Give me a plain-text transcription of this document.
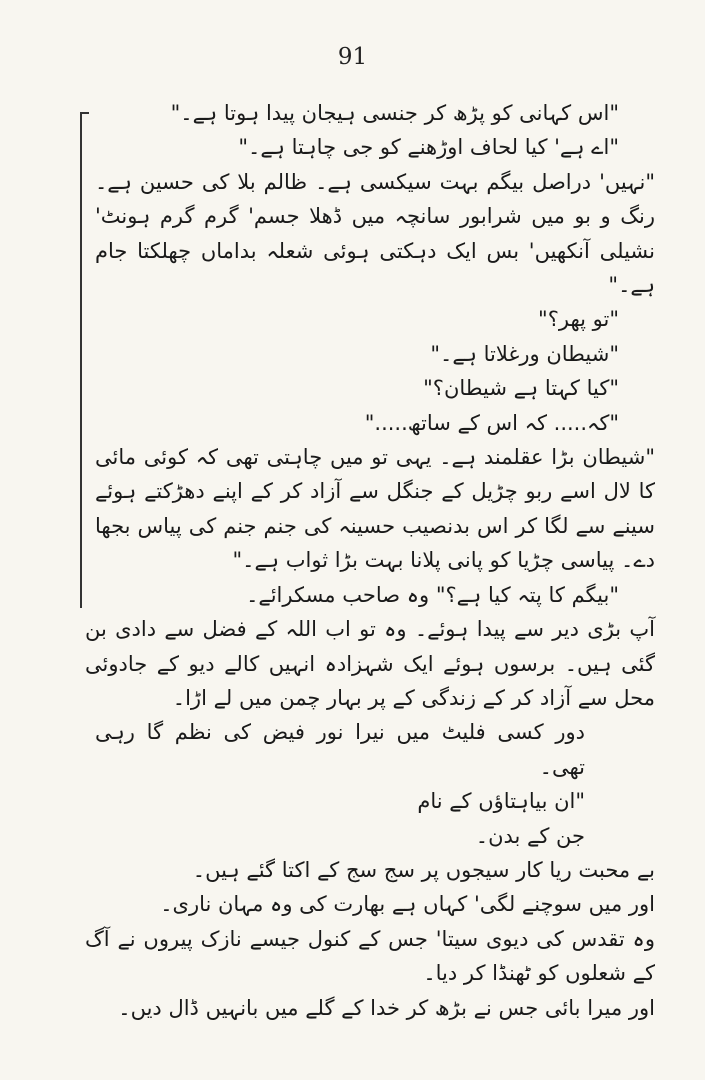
91

"اس کہانی کو پڑھ کر جنسی ہیجان پیدا ہوتا ہے۔"

"اے ہے' کیا لحاف اوڑھنے کو جی چاہتا ہے۔"

"نہیں' دراصل بیگم بہت سیکسی ہے۔ ظالم بلا کی حسین ہے۔ رنگ و بو میں شرابور سانچہ میں ڈھلا جسم' گرم گرم ہونٹ' نشیلی آنکھیں' بس ایک دہکتی ہوئی شعلہ بداماں چھلکتا جام ہے۔"

"تو پھر؟"

"شیطان ورغلاتا ہے۔"

"کیا کہتا ہے شیطان؟"

"کہ..... کہ اس کے ساتھ....."

"شیطان بڑا عقلمند ہے۔ یہی تو میں چاہتی تھی کہ کوئی مائی کا لال اسے ربو چڑیل کے جنگل سے آزاد کر کے اپنے دھڑکتے ہوئے سینے سے لگا کر اس بدنصیب حسینہ کی جنم جنم کی پیاس بجھا دے۔ پیاسی چڑیا کو پانی پلانا بہت بڑا ثواب ہے۔"

"بیگم کا پتہ کیا ہے؟" وہ صاحب مسکرائے۔

آپ بڑی دیر سے پیدا ہوئے۔ وہ تو اب اللہ کے فضل سے دادی بن گئی ہیں۔ برسوں ہوئے ایک شہزادہ انہیں کالے دیو کے جادوئی محل سے آزاد کر کے زندگی کے پر بہار چمن میں لے اڑا۔

دور کسی فلیٹ میں نیرا نور فیض کی نظم گا رہی تھی۔

"ان بیاہتاؤں کے نام

جن کے بدن۔

بے محبت ریا کار سیجوں پر سج سج کے اکتا گئے ہیں۔

اور میں سوچنے لگی' کہاں ہے بھارت کی وہ مہان ناری۔

وہ تقدس کی دیوی سیتا' جس کے کنول جیسے نازک پیروں نے آگ کے شعلوں کو ٹھنڈا کر دیا۔

اور میرا بائی جس نے بڑھ کر خدا کے گلے میں بانہیں ڈال دیں۔
